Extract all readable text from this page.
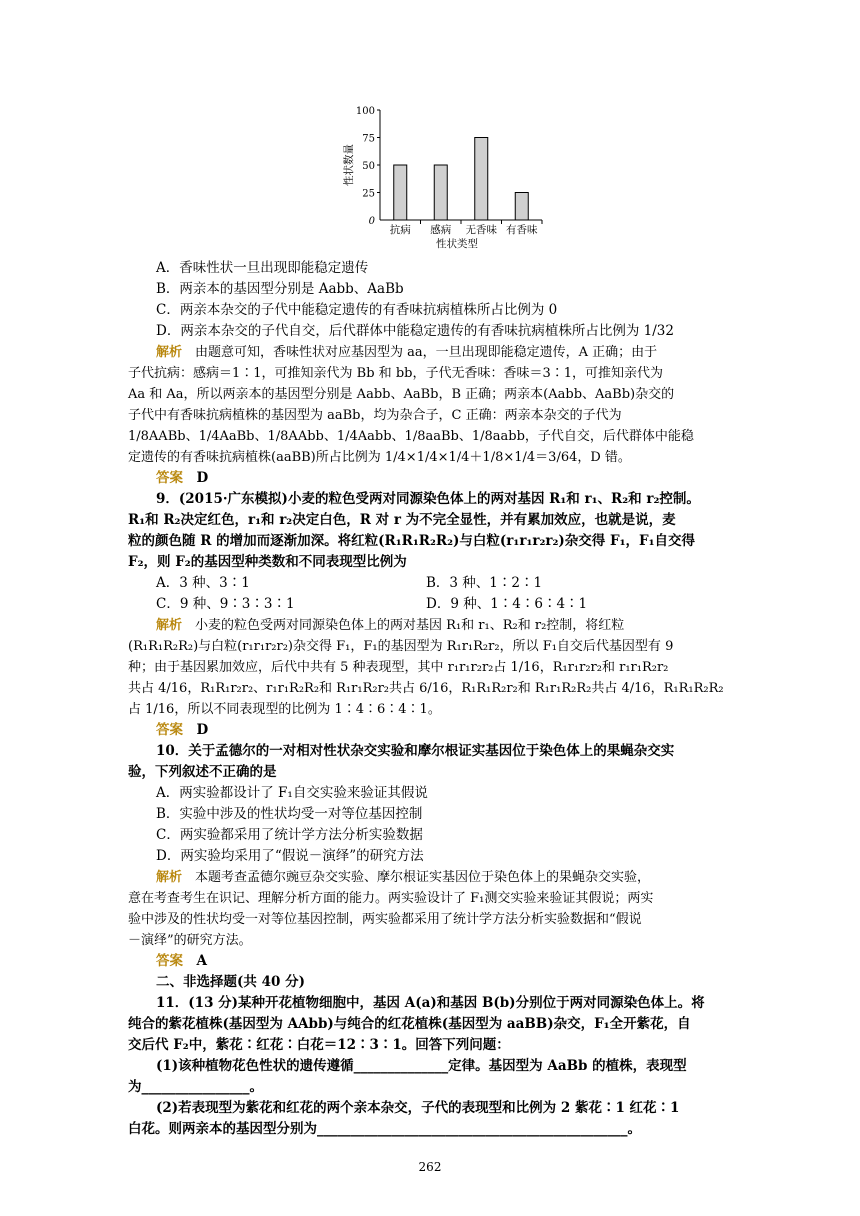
100
75
50
25
0
抗病 感病 无香味 有香味
性状类型
性状数量
A．香味性状一旦出现即能稳定遗传
B．两亲本的基因型分别是 Aabb、AaBb
C．两亲本杂交的子代中能稳定遗传的有香味抗病植株所占比例为 0
D．两亲本杂交的子代自交，后代群体中能稳定遗传的有香味抗病植株所占比例为 1/32
解析　 由题意可知，香味性状对应基因型为 aa，一旦出现即能稳定遗传，A 正确；由于
子代抗病：感病＝1∶1，可推知亲代为 Bb 和 bb，子代无香味：香味＝3∶1，可推知亲代为
Aa 和 Aa，所以两亲本的基因型分别是 Aabb、AaBb，B 正确；两亲本(Aabb、AaBb)杂交的
子代中有香味抗病植株的基因型为 aaBb，均为杂合子，C 正确：两亲本杂交的子代为
1/8AABb、1/4AaBb、1/8AAbb、1/4Aabb、1/8aaBb、1/8aabb，子代自交，后代群体中能稳
定遗传的有香味抗病植株(aaBB)所占比例为 1/4×1/4×1/4＋1/8×1/4＝3/64，D 错。
答案　 D
9．(2015·广东模拟)小麦的粒色受两对同源染色体上的两对基因 R₁和 r₁、R₂和 r₂控制。
R₁和 R₂决定红色，r₁和 r₂决定白色，R 对 r 为不完全显性，并有累加效应，也就是说，麦
粒的颜色随 R 的增加而逐渐加深。将红粒(R₁R₁R₂R₂)与白粒(r₁r₁r₂r₂)杂交得 F₁，F₁自交得
F₂，则 F₂的基因型种类数和不同表现型比例为
A．3 种、3∶1	B．3 种、1∶2∶1
C．9 种、9∶3∶3∶1	D．9 种、1∶4∶6∶4∶1
解析　 小麦的粒色受两对同源染色体上的两对基因 R₁和 r₁、R₂和 r₂控制，将红粒
(R₁R₁R₂R₂)与白粒(r₁r₁r₂r₂)杂交得 F₁，F₁的基因型为 R₁r₁R₂r₂，所以 F₁自交后代基因型有 9
种；由于基因累加效应，后代中共有 5 种表现型，其中 r₁r₁r₂r₂占 1/16，R₁r₁r₂r₂和 r₁r₁R₂r₂
共占 4/16，R₁R₁r₂r₂、r₁r₁R₂R₂和 R₁r₁R₂r₂共占 6/16，R₁R₁R₂r₂和 R₁r₁R₂R₂共占 4/16，R₁R₁R₂R₂
占 1/16，所以不同表现型的比例为 1∶4∶6∶4∶1。
答案　 D
10．关于孟德尔的一对相对性状杂交实验和摩尔根证实基因位于染色体上的果蝇杂交实
验，下列叙述不正确的是
A．两实验都设计了 F₁自交实验来验证其假说
B．实验中涉及的性状均受一对等位基因控制
C．两实验都采用了统计学方法分析实验数据
D．两实验均采用了“假说－演绎”的研究方法
解析　 本题考查孟德尔豌豆杂交实验、摩尔根证实基因位于染色体上的果蝇杂交实验，
意在考查考生在识记、理解分析方面的能力。两实验设计了 F₁测交实验来验证其假说；两实
验中涉及的性状均受一对等位基因控制，两实验都采用了统计学方法分析实验数据和“假说
－演绎”的研究方法。
答案　 A
二、非选择题(共 40 分)
11．(13 分)某种开花植物细胞中，基因 A(a)和基因 B(b)分别位于两对同源染色体上。将
纯合的紫花植株(基因型为 AAbb)与纯合的红花植株(基因型为 aaBB)杂交，F₁全开紫花，自
交后代 F₂中，紫花∶红花∶白花＝12∶3∶1。回答下列问题：
(1)该种植物花色性状的遗传遵循______________定律。基因型为 AaBb 的植株，表现型
为________________。
(2)若表现型为紫花和红花的两个亲本杂交，子代的表现型和比例为 2 紫花∶1 红花∶1
白花。则两亲本的基因型分别为______________________________________________。
262
